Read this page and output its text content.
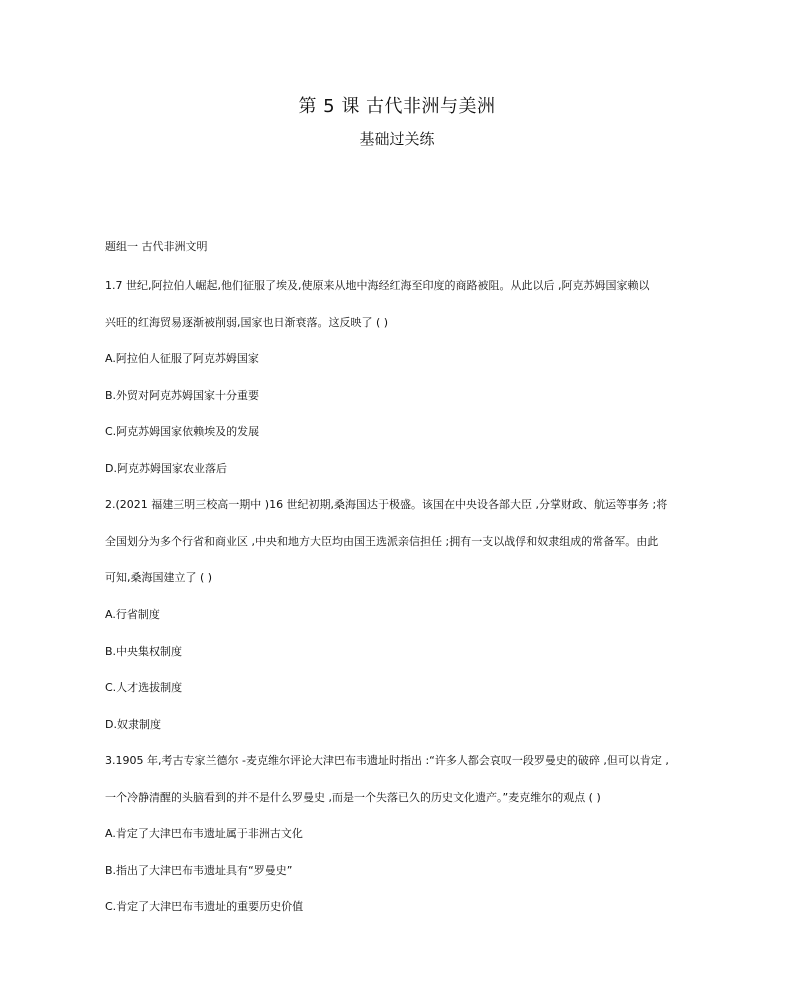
第 5 课 古代非洲与美洲
基础过关练
题组一 古代非洲文明
1.7 世纪,阿拉伯人崛起,他们征服了埃及,使原来从地中海经红海至印度的商路被阻。从此以后 ,阿克苏姆国家赖以
兴旺的红海贸易逐渐被削弱,国家也日渐衰落。这反映了 ( )
A.阿拉伯人征服了阿克苏姆国家
B.外贸对阿克苏姆国家十分重要
C.阿克苏姆国家依赖埃及的发展
D.阿克苏姆国家农业落后
2.(2021 福建三明三校高一期中 )16 世纪初期,桑海国达于极盛。该国在中央设各部大臣 ,分掌财政、航运等事务 ;将
全国划分为多个行省和商业区 ,中央和地方大臣均由国王选派亲信担任 ;拥有一支以战俘和奴隶组成的常备军。由此
可知,桑海国建立了 ( )
A.行省制度
B.中央集权制度
C.人才选拔制度
D.奴隶制度
3.1905 年,考古专家兰德尔 -麦克维尔评论大津巴布韦遗址时指出 :“许多人都会哀叹一段罗曼史的破碎 ,但可以肯定 ,
一个冷静清醒的头脑看到的并不是什么罗曼史 ,而是一个失落已久的历史文化遗产。”麦克维尔的观点 ( )
A.肯定了大津巴布韦遗址属于非洲古文化
B.指出了大津巴布韦遗址具有“罗曼史”
C.肯定了大津巴布韦遗址的重要历史价值
